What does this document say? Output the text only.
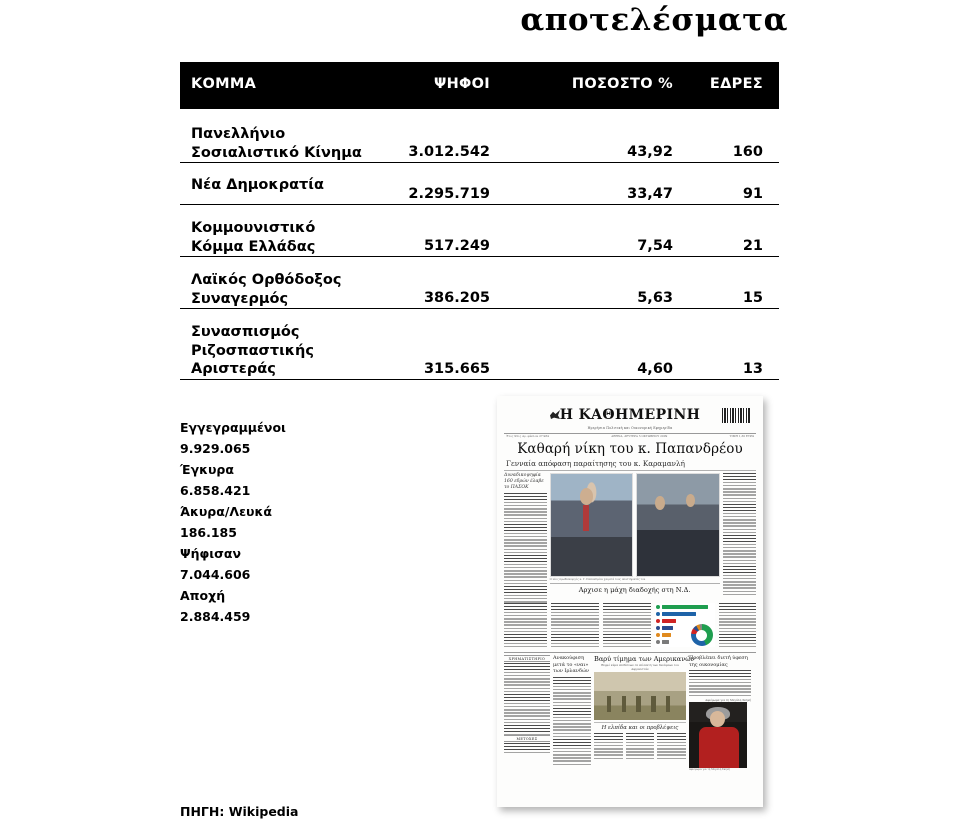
αποτελέσματα
ΚΟΜΜΑ	ΨΗΦΟΙ	ΠΟΣΟΣΤΟ %	ΕΔΡΕΣ
Πανελλήνιο
Σοσιαλιστικό Κίνημα	3.012.542	43,92	160
Νέα Δημοκρατία
2.295.719	33,47	91
Κομμουνιστικό
Κόμμα Ελλάδας	517.249	7,54	21
Λαϊκός Ορθόδοξος
Συναγερμός	386.205	5,63	15
Συνασπισμός
Ριζοσπαστικής
Αριστεράς	315.665	4,60	13
Εγγεγραμμένοι
9.929.065
Έγκυρα
6.858.421
Άκυρα/Λευκά
186.185
Ψήφισαν
7.044.606
Αποχή
2.884.459
ΠΗΓΗ: Wikipedia
Η ΚΑΘΗΜΕΡΙΝΗ
Ημερήσια Πολιτική και Οικονομική Εφημερίδα
Έτος 93ο | Αρ. φύλλου 27.984	ΑΘΗΝΑ, ΔΕΥΤΕΡΑ 5 ΟΚΤΩΒΡΙΟΥ 2009	ΤΙΜΗ 1,30 ΕΥΡΩ
Καθαρή νίκη του κ. Παπανδρέου
Γενναία απόφαση παραίτησης του κ. Καραμανλή
Δυναδικοψηφία 160 εδρών έλαβε το ΠΑΣΟΚ
Ο νέος πρωθυπουργός κ. Γ. Παπανδρέου χαιρετά τους υποστηρικτές του
Αρχισε η μάχη διαδοχής στη Ν.Δ.
ΧΡΗΜΑΤΙΣΤΗΡΙΟ
ΜΕΤΟΧΕΣ
Ανακούφιση μετά το «ναι» των Ιρλανδών
Βαρύ τίμημα των Αμερικανών
Θερμό κύμα επιθέσεων σε επίλεκτη των δυνάμεων του Αφγανιστάν
Η ελπίδα και οι προβλέψεις
Προβλέπει διετή ύφεση της οικονομίας
Αφιέρωμα για τη Μεγάλη Σκηνή
Αφιέρωμα για τη Μεγάλη Σκηνή
